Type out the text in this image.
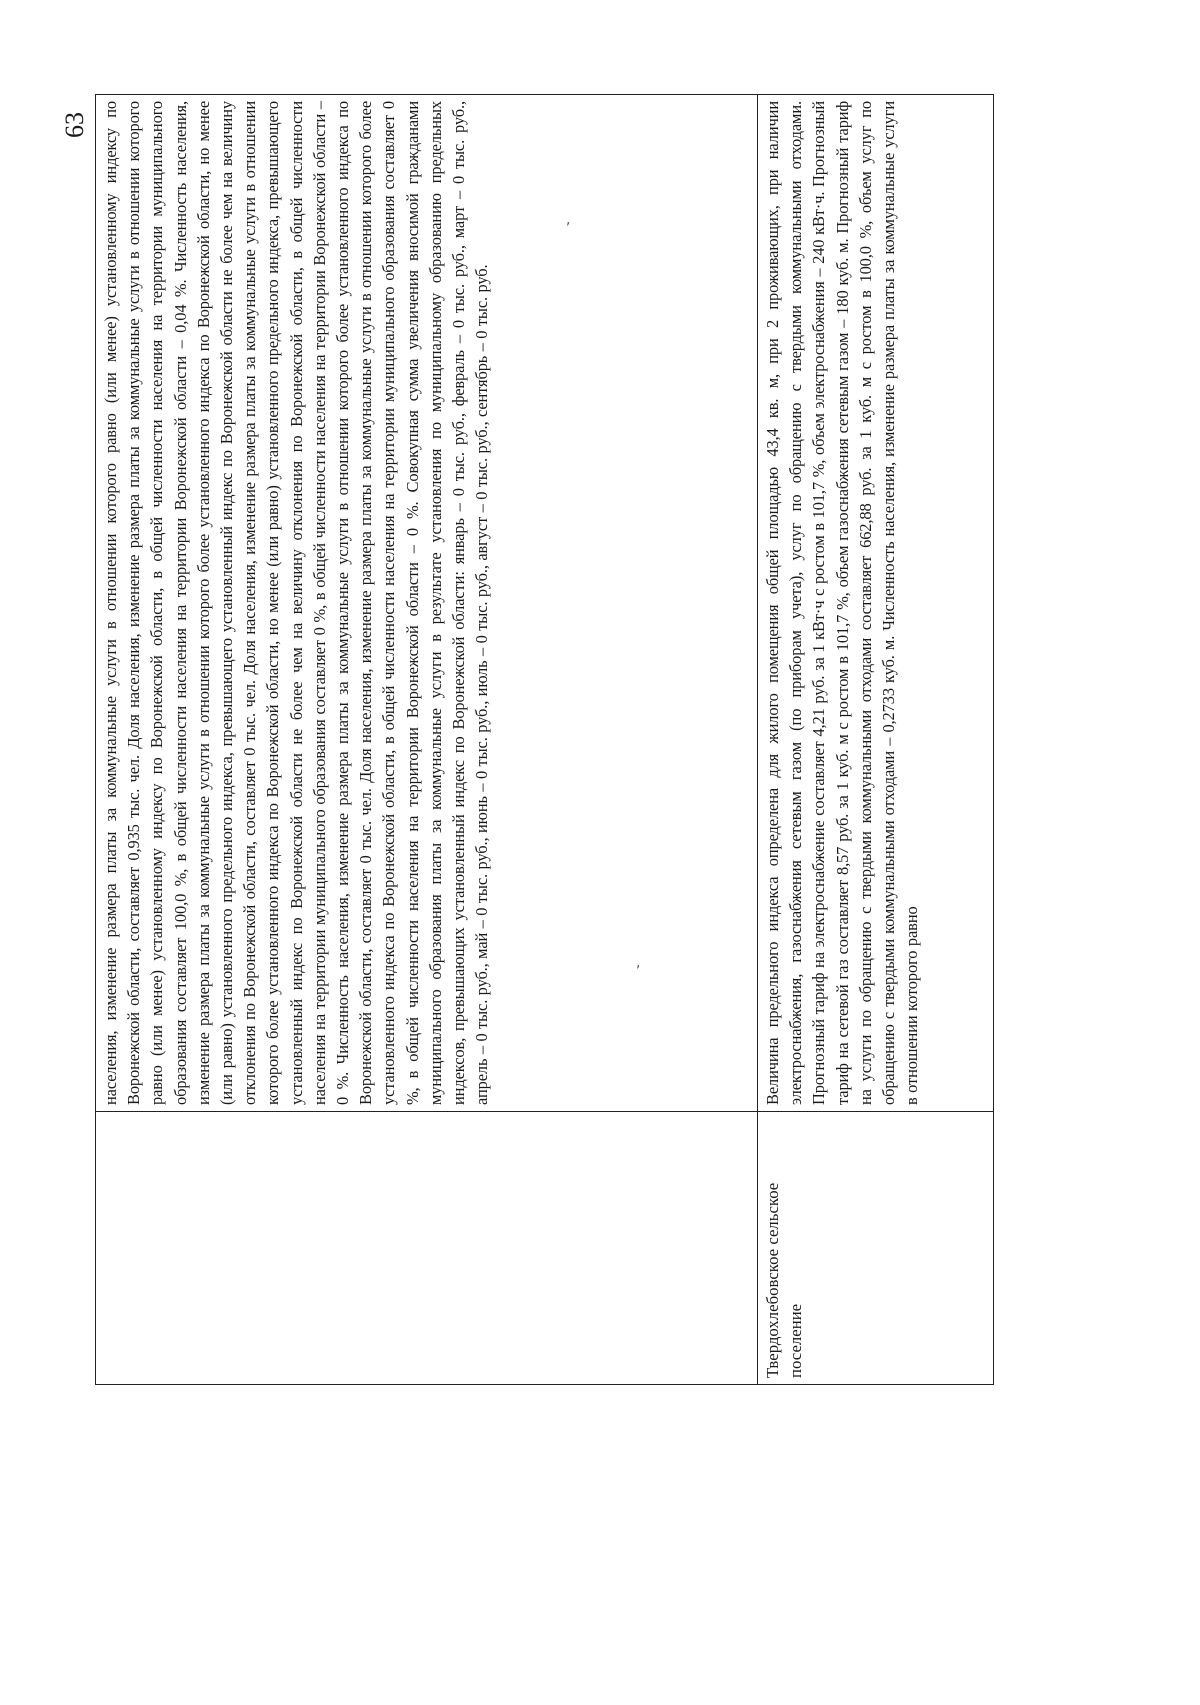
,
,
63
	населения, изменение размера платы за коммунальные услуги в отношении которого равно (или менее) установленному индексу по Воронежской области, составляет 0,935 тыс. чел. Доля населения, изменение размера платы за коммунальные услуги в отношении которого равно (или менее) установленному индексу по Воронежской области, в общей численности населения на территории муниципального образования составляет 100,0 %, в общей численности населения на территории Воронежской области – 0,04 %. Численность населения, изменение размера платы за коммунальные услуги в отношении которого более установленного индекса по Воронежской области, но менее (или равно) установленного предельного индекса, превышающего установленный индекс по Воронежской области не более чем на величину отклонения по Воронежской области, составляет 0 тыс. чел. Доля населения, изменение размера платы за коммунальные услуги в отношении которого более установленного индекса по Воронежской области, но менее (или равно) установленного предельного индекса, превышающего установленный индекс по Воронежской области не более чем на величину отклонения по Воронежской области, в общей численности населения на территории муниципального образования составляет 0 %, в общей численности населения на территории Воронежской области – 0 %. Численность населения, изменение размера платы за коммунальные услуги в отношении которого более установленного индекса по Воронежской области, составляет 0 тыс. чел. Доля населения, изменение размера платы за коммунальные услуги в отношении которого более установленного индекса по Воронежской области, в общей численности населения на территории муниципального образования составляет 0 %, в общей численности населения на территории Воронежской области – 0 %. Совокупная сумма увеличения вносимой гражданами муниципального образования платы за коммунальные услуги в результате установления по муниципальному образованию предельных индексов, превышающих установленный индекс по Воронежской области: январь – 0 тыс. руб., февраль – 0 тыс. руб., март – 0 тыс. руб., апрель – 0 тыс. руб., май – 0 тыс. руб., июнь – 0 тыс. руб., июль – 0 тыс. руб., август – 0 тыс. руб., сентябрь – 0 тыс. руб.

Твердохлебовское сельское поселение	Величина предельного индекса определена для жилого помещения общей площадью 43,4 кв. м, при 2 проживающих, при наличии электроснабжения, газоснабжения сетевым газом (по приборам учета), услуг по обращению с твердыми коммунальными отходами. Прогнозный тариф на электроснабжение составляет 4,21 руб. за 1 кВт·ч с ростом в 101,7 %, объем электроснабжения – 240 кВт·ч. Прогнозный тариф на сетевой газ составляет 8,57 руб. за 1 куб. м с ростом в 101,7 %, объем газоснабжения сетевым газом – 180 куб. м. Прогнозный тариф на услуги по обращению с твердыми коммунальными отходами составляет 662,88 руб. за 1 куб. м с ростом в 100,0 %, объем услуг по обращению с твердыми коммунальными отходами – 0,2733 куб. м. Численность населения, изменение размера платы за коммунальные услуги в отношении которого равно
